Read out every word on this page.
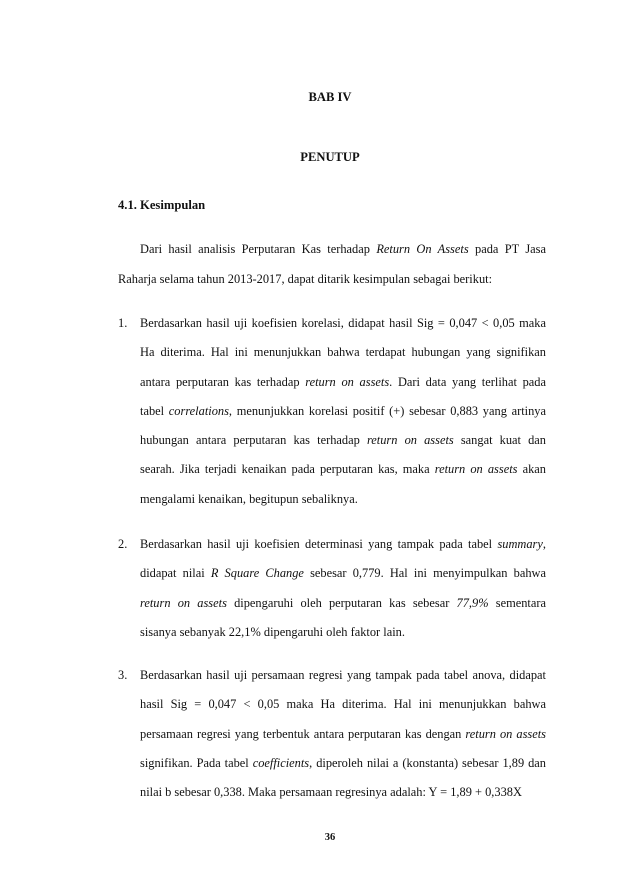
BAB IV
PENUTUP
4.1. Kesimpulan
Dari hasil analisis Perputaran Kas terhadap Return On Assets pada PT Jasa
Raharja selama tahun 2013-2017, dapat ditarik kesimpulan sebagai berikut:
1.	Berdasarkan hasil uji koefisien korelasi, didapat hasil Sig = 0,047 < 0,05 maka
Ha diterima. Hal ini menunjukkan bahwa terdapat hubungan yang signifikan
antara perputaran kas terhadap return on assets. Dari data yang terlihat pada
tabel correlations, menunjukkan korelasi positif (+) sebesar 0,883 yang artinya
hubungan antara perputaran kas terhadap return on assets sangat kuat dan
searah. Jika terjadi kenaikan pada perputaran kas, maka return on assets akan
mengalami kenaikan, begitupun sebaliknya.
2.	Berdasarkan hasil uji koefisien determinasi yang tampak pada tabel summary,
didapat nilai R Square Change sebesar 0,779. Hal ini menyimpulkan bahwa
return on assets dipengaruhi oleh perputaran kas sebesar 77,9% sementara
sisanya sebanyak 22,1% dipengaruhi oleh faktor lain.
3.	Berdasarkan hasil uji persamaan regresi yang tampak pada tabel anova, didapat
hasil Sig = 0,047 < 0,05 maka Ha diterima. Hal ini menunjukkan bahwa
persamaan regresi yang terbentuk antara perputaran kas dengan return on assets
signifikan. Pada tabel coefficients, diperoleh nilai a (konstanta) sebesar 1,89 dan
nilai b sebesar 0,338. Maka persamaan regresinya adalah: Y = 1,89 + 0,338X
36
